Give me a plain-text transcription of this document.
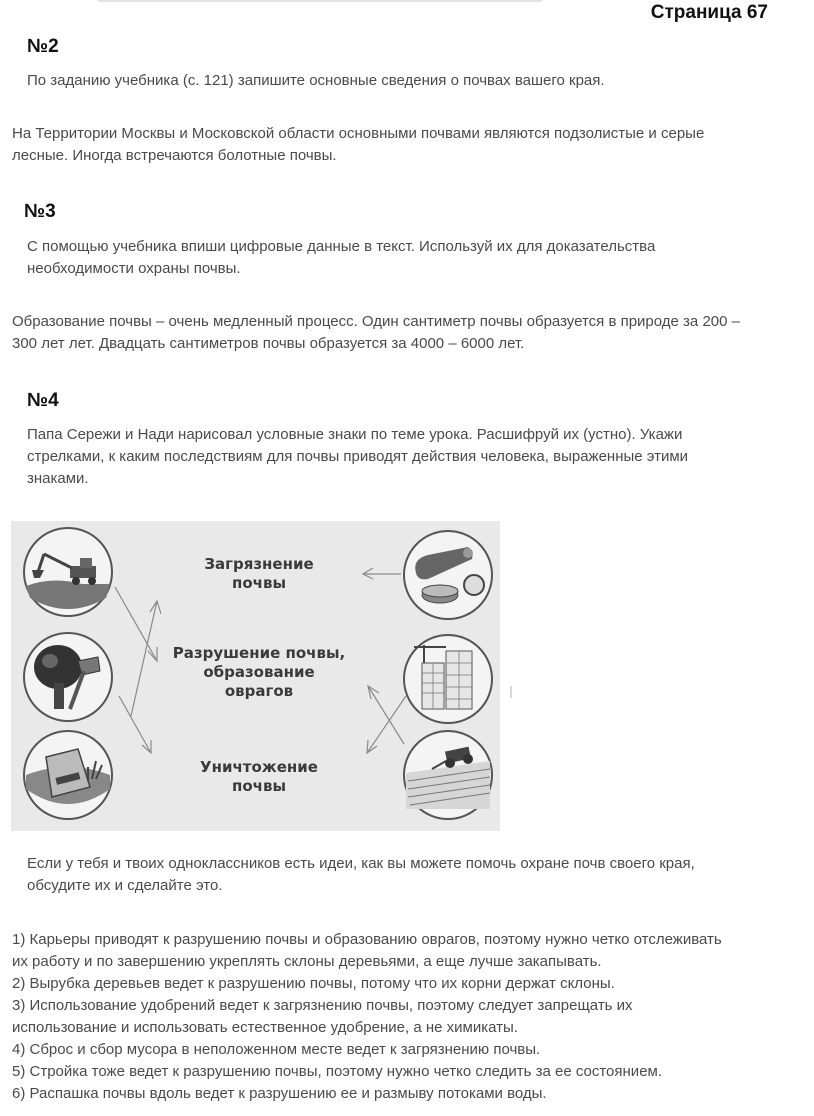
Страница 67
№2
По заданию учебника (с. 121) запишите основные сведения о почвах вашего края.
На Территории Москвы и Московской области основными почвами являются подзолистые и серые
лесные. Иногда встречаются болотные почвы.
№3
С помощью учебника впиши цифровые данные в текст. Используй их для доказательства
необходимости охраны почвы.
Образование почвы – очень медленный процесс. Один сантиметр почвы образуется в природе за 200 –
300 лет лет. Двадцать сантиметров почвы образуется за 4000 – 6000 лет.
№4
Папа Сережи и Нади нарисовал условные знаки по теме урока. Расшифруй их (устно). Укажи
стрелками, к каким последствиям для почвы приводят действия человека, выраженные этими
знаками.
Загрязнение
почвы
Разрушение почвы,
образование
оврагов
Уничтожение
почвы
Если у тебя и твоих одноклассников есть идеи, как вы можете помочь охране почв своего края,
обсудите их и сделайте это.
1) Карьеры приводят к разрушению почвы и образованию оврагов, поэтому нужно четко отслеживать
их работу и по завершению укреплять склоны деревьями, а еще лучше закапывать.
2) Вырубка деревьев ведет к разрушению почвы, потому что их корни держат склоны.
3) Использование удобрений ведет к загрязнению почвы, поэтому следует запрещать их
использование и использовать естественное удобрение, а не химикаты.
4) Сброс и сбор мусора в неположенном месте ведет к загрязнению почвы.
5) Стройка тоже ведет к разрушению почвы, поэтому нужно четко следить за ее состоянием.
6) Распашка почвы вдоль ведет к разрушению ее и размыву потоками воды.
